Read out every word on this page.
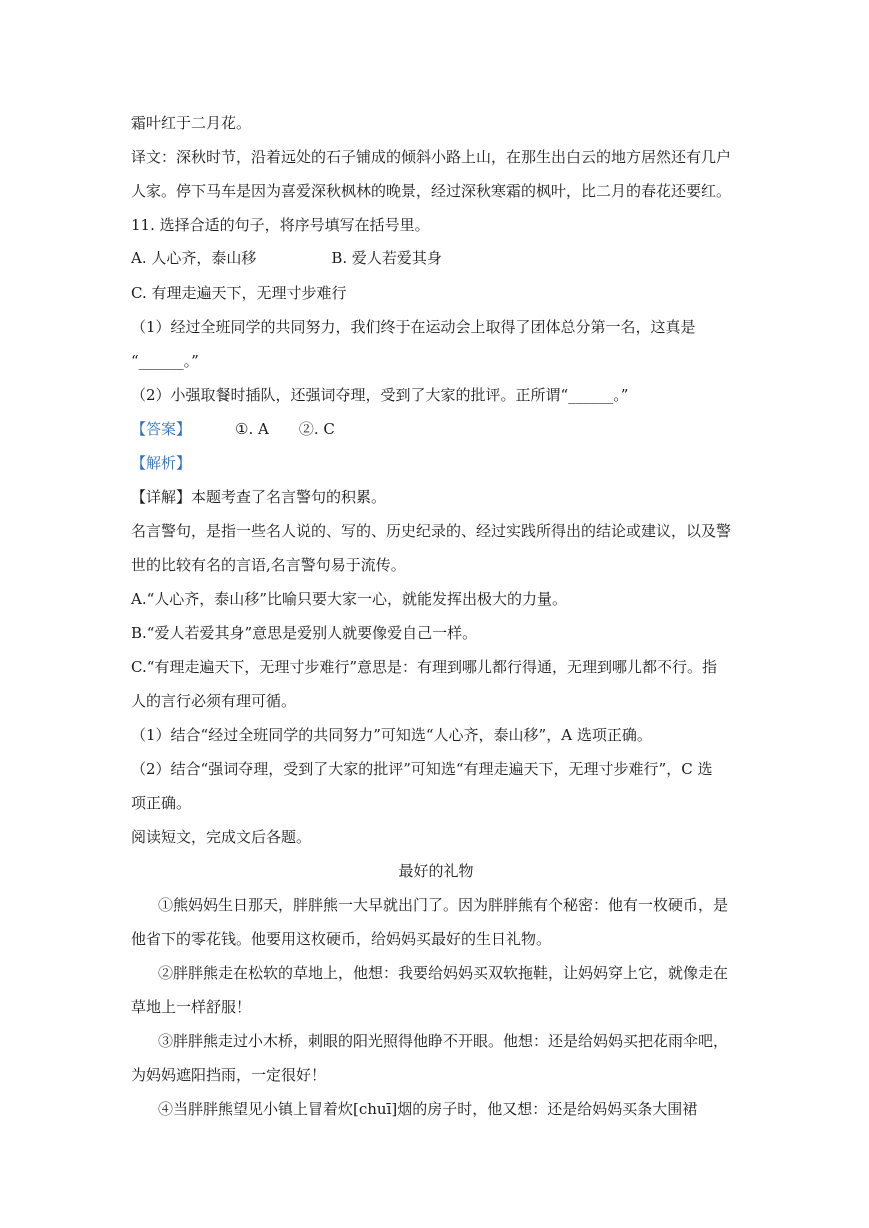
霜叶红于二月花。
译文：深秋时节，沿着远处的石子铺成的倾斜小路上山，在那生出白云的地方居然还有几户
人家。停下马车是因为喜爱深秋枫林的晚景，经过深秋寒霜的枫叶，比二月的春花还要红。
11. 选择合适的句子，将序号填写在括号里。
A. 人心齐，泰山移　　　　　B. 爱人若爱其身
C. 有理走遍天下，无理寸步难行
（1）经过全班同学的共同努力，我们终于在运动会上取得了团体总分第一名，这真是
“______。”
（2）小强取餐时插队，还强词夺理，受到了大家的批评。正所谓“______。”
【答案】	①. A　　②. C
【解析】
【详解】本题考查了名言警句的积累。
名言警句，是指一些名人说的、写的、历史纪录的、经过实践所得出的结论或建议，以及警
世的比较有名的言语,名言警句易于流传。
A.“人心齐，泰山移”比喻只要大家一心，就能发挥出极大的力量。
B.“爱人若爱其身”意思是爱别人就要像爱自己一样。
C.“有理走遍天下，无理寸步难行”意思是：有理到哪儿都行得通，无理到哪儿都不行。指
人的言行必须有理可循。
（1）结合“经过全班同学的共同努力”可知选“人心齐，泰山移”，A 选项正确。
（2）结合“强词夺理，受到了大家的批评”可知选“有理走遍天下，无理寸步难行”，C 选
项正确。
阅读短文，完成文后各题。
最好的礼物
①熊妈妈生日那天，胖胖熊一大早就出门了。因为胖胖熊有个秘密：他有一枚硬币，是
他省下的零花钱。他要用这枚硬币，给妈妈买最好的生日礼物。
②胖胖熊走在松软的草地上，他想：我要给妈妈买双软拖鞋，让妈妈穿上它，就像走在
草地上一样舒服！
③胖胖熊走过小木桥，刺眼的阳光照得他睁不开眼。他想：还是给妈妈买把花雨伞吧，
为妈妈遮阳挡雨，一定很好！
④当胖胖熊望见小镇上冒着炊[chuī]烟的房子时，他又想：还是给妈妈买条大围裙
